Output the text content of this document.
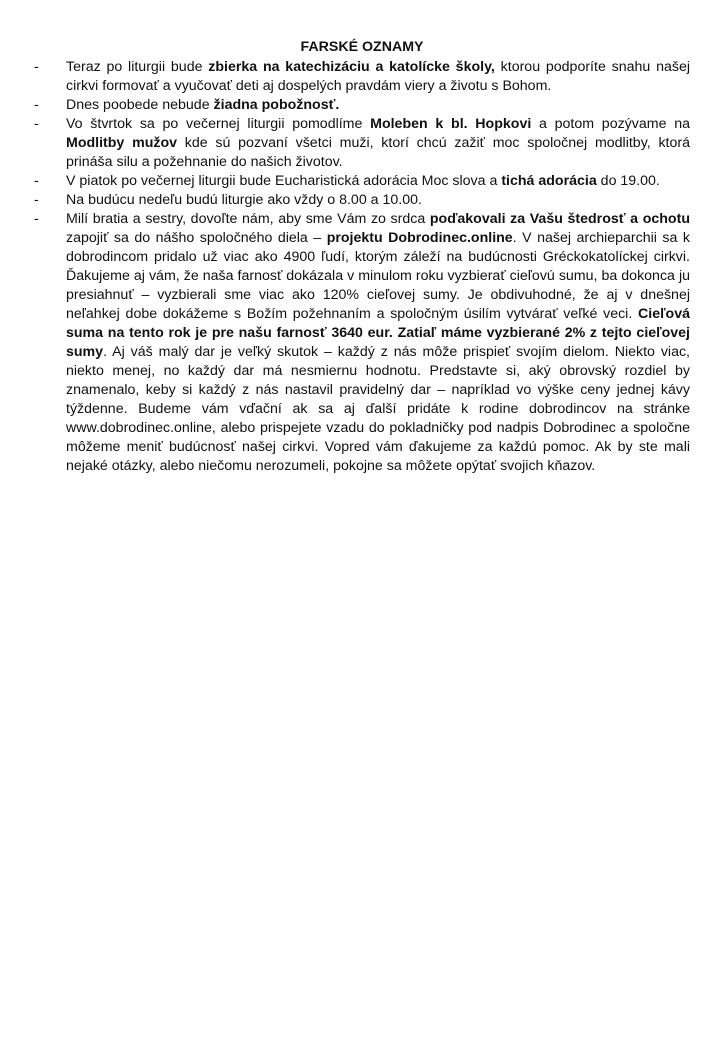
FARSKÉ OZNAMY
-	Teraz po liturgii bude zbierka na katechizáciu a katolícke školy, ktorou podporíte snahu našej cirkvi formovať a vyučovať deti aj dospelých pravdám viery a životu s Bohom.
-	Dnes poobede nebude žiadna pobožnosť.
-	Vo štvrtok sa po večernej liturgii pomodlíme Moleben k bl. Hopkovi a potom pozývame na Modlitby mužov kde sú pozvaní všetci muži, ktorí chcú zažiť moc spoločnej modlitby, ktorá prináša silu a požehnanie do našich životov.
-	V piatok po večernej liturgii bude Eucharistická adorácia Moc slova a tichá adorácia do 19.00.
-	Na budúcu nedeľu budú liturgie ako vždy o 8.00 a 10.00.
-	Milí bratia a sestry, dovoľte nám, aby sme Vám zo srdca poďakovali za Vašu štedrosť a ochotu zapojiť sa do nášho spoločného diela – projektu Dobrodinec.online. V našej archieparchii sa k dobrodincom pridalo už viac ako 4900 ľudí, ktorým záleží na budúcnosti Gréckokatolíckej cirkvi. Ďakujeme aj vám, že naša farnosť dokázala v minulom roku vyzbierať cieľovú sumu, ba dokonca ju presiahnuť – vyzbierali sme viac ako 120% cieľovej sumy. Je obdivuhodné, že aj v dnešnej neľahkej dobe dokážeme s Božím požehnaním a spoločným úsilím vytvárať veľké veci. Cieľová suma na tento rok je pre našu farnosť 3640 eur. Zatiaľ máme vyzbierané 2% z tejto cieľovej sumy. Aj váš malý dar je veľký skutok – každý z nás môže prispieť svojím dielom. Niekto viac, niekto menej, no každý dar má nesmiernu hodnotu. Predstavte si, aký obrovský rozdiel by znamenalo, keby si každý z nás nastavil pravidelný dar – napríklad vo výške ceny jednej kávy týždenne. Budeme vám vďační ak sa aj ďalší pridáte k rodine dobrodincov na stránke www.dobrodinec.online, alebo prispejete vzadu do pokladničky pod nadpis Dobrodinec a spoločne môžeme meniť budúcnosť našej cirkvi. Vopred vám ďakujeme za každú pomoc. Ak by ste mali nejaké otázky, alebo niečomu nerozumeli, pokojne sa môžete opýtať svojich kňazov.
